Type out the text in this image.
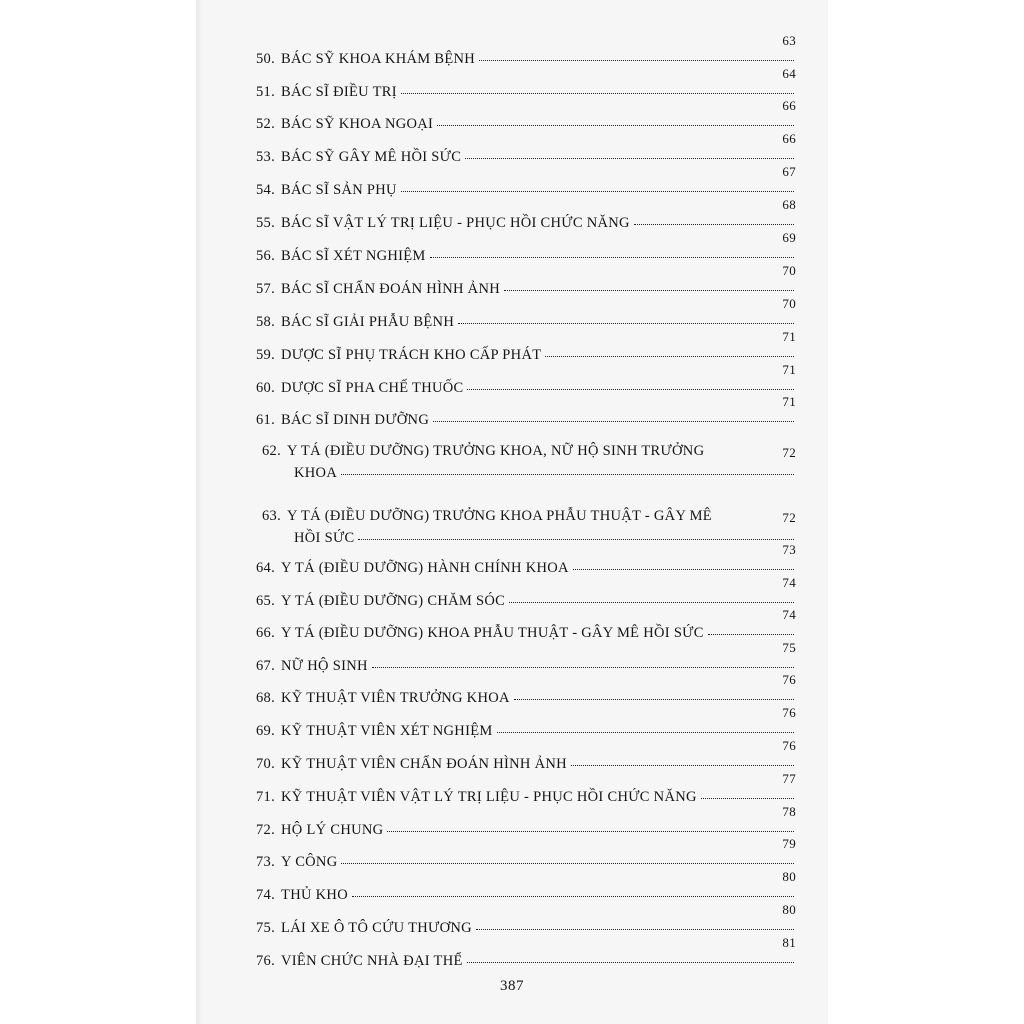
50. BÁC SỸ KHOA KHÁM BỆNH
63
51. BÁC SĨ ĐIỀU TRỊ
64
52. BÁC SỸ KHOA NGOẠI
66
53. BÁC SỸ GÂY MÊ HỒI SỨC
66
54. BÁC SĨ SẢN PHỤ
67
55. BÁC SĨ VẬT LÝ TRỊ LIỆU - PHỤC HỒI CHỨC NĂNG
68
56. BÁC SĨ XÉT NGHIỆM
69
57. BÁC SĨ CHẨN ĐOÁN HÌNH ẢNH
70
58. BÁC SĨ GIẢI PHẪU BỆNH
70
59. DƯỢC SĨ PHỤ TRÁCH KHO CẤP PHÁT
71
60. DƯỢC SĨ PHA CHẾ THUỐC
71
61. BÁC SĨ DINH DƯỠNG
71
62. Y TÁ (ĐIỀU DƯỠNG) TRƯỞNG KHOA, NỮ HỘ SINH TRƯỞNG
KHOA
72
63. Y TÁ (ĐIỀU DƯỠNG) TRƯỞNG KHOA PHẪU THUẬT - GÂY MÊ
HỒI SỨC
72
64. Y TÁ (ĐIỀU DƯỠNG) HÀNH CHÍNH KHOA
73
65. Y TÁ (ĐIỀU DƯỠNG) CHĂM SÓC
74
66. Y TÁ (ĐIỀU DƯỠNG) KHOA PHẪU THUẬT - GÂY MÊ HỒI SỨC
74
67. NỮ HỘ SINH
75
68. KỸ THUẬT VIÊN TRƯỞNG KHOA
76
69. KỸ THUẬT VIÊN XÉT NGHIỆM
76
70. KỸ THUẬT VIÊN CHẨN ĐOÁN HÌNH ẢNH
76
71. KỸ THUẬT VIÊN VẬT LÝ TRỊ LIỆU - PHỤC HỒI CHỨC NĂNG
77
72. HỘ LÝ CHUNG
78
73. Y CÔNG
79
74. THỦ KHO
80
75. LÁI XE Ô TÔ CỨU THƯƠNG
80
76. VIÊN CHỨC NHÀ ĐẠI THỂ
81
387
